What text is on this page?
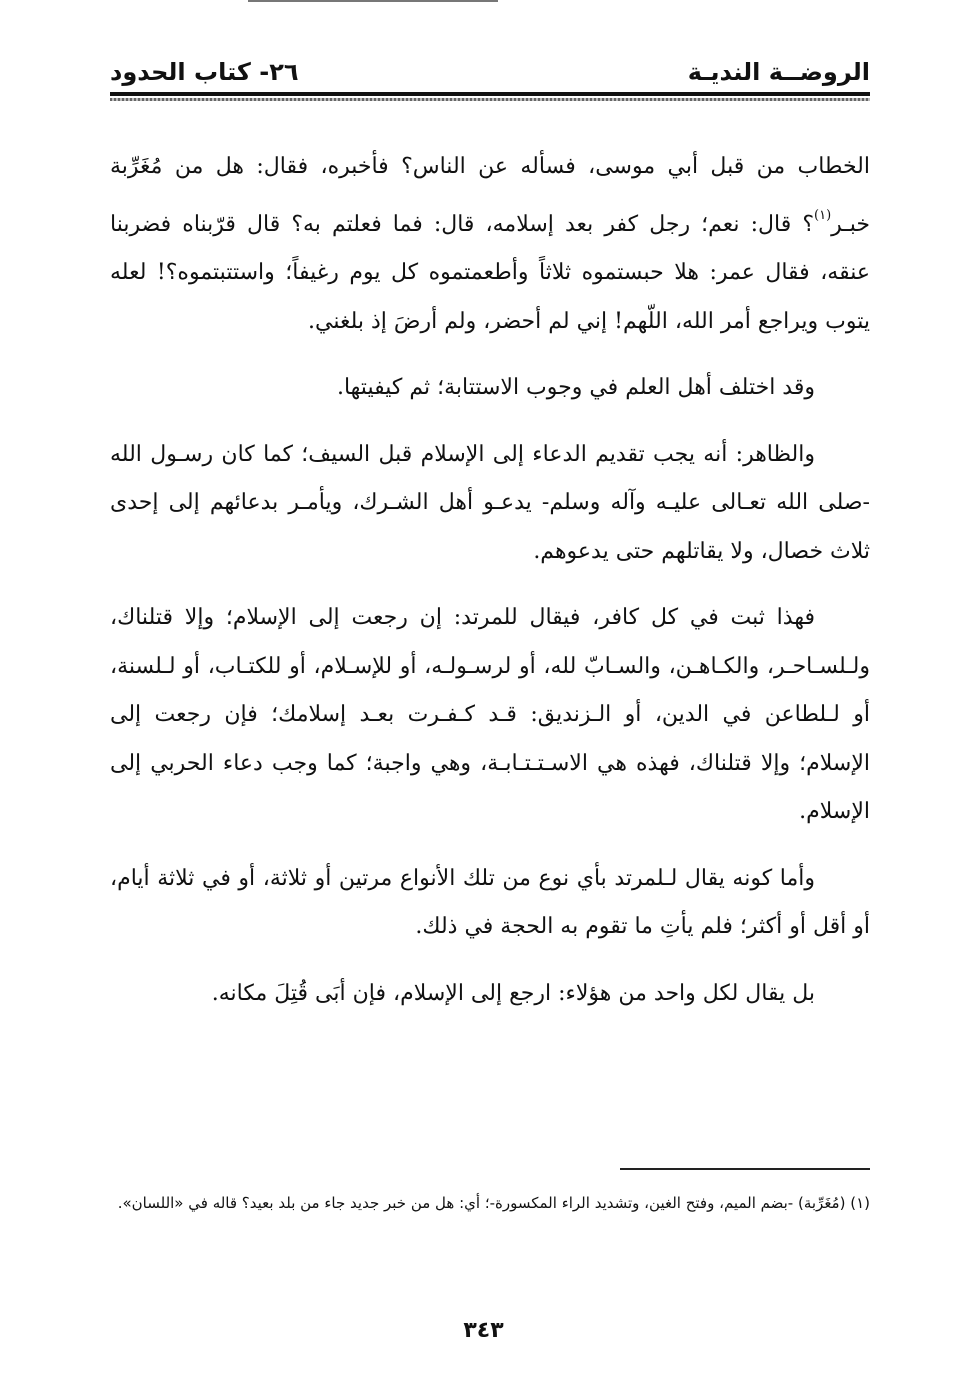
الروضــة النديـة
٢٦- كتاب الحدود

الخطاب من قبل أبي موسى، فسأله عن الناس؟ فأخبره، فقال: هل من مُغَرِّبة خبـر$^{(١)}$؟ قال: نعم؛ رجل كفر بعد إسلامه، قال: فما فعلتم به؟ قال قرّبناه فضربنا عنقه، فقال عمر: هلا حبستموه ثلاثاً وأطعمتموه كل يوم رغيفاً؛ واستتبتموه؟! لعله يتوب ويراجع أمر الله، اللّهم! إني لم أحضر، ولم أرضَ إذ بلغني.

وقد اختلف أهل العلم في وجوب الاستتابة؛ ثم كيفيتها.

والظاهر: أنه يجب تقديم الدعاء إلى الإسلام قبل السيف؛ كما كان رسـول الله -صلى الله تعـالى عليـه وآله وسلم- يدعـو أهل الشـرك، ويأمـر بدعائهم إلى إحدى ثلاث خصال، ولا يقاتلهم حتى يدعوهم.

فهذا ثبت في كل كافر، فيقال للمرتد: إن رجعت إلى الإسلام؛ وإلا قتلناك، ولـلسـاحـر، والكـاهـن، والسـابّ لله، أو لرسـولـه، أو للإسـلام، أو للكتـاب، أو لـلسنة، أو لـلطاعن في الدين، أو الـزنديق: قـد كـفـرت بعـد إسلامك؛ فإن رجعت إلى الإسلام؛ وإلا قتلناك، فهذه هي الاسـتـتـابـة، وهي واجبة؛ كما وجب دعاء الحربي إلى الإسلام.

وأما كونه يقال لـلمرتد بأي نوع من تلك الأنواع مرتين أو ثلاثة، أو في ثلاثة أيام، أو أقل أو أكثر؛ فلم يأتِ ما تقوم به الحجة في ذلك.

بل يقال لكل واحد من هؤلاء: ارجع إلى الإسلام، فإن أبَى قُتِلَ مكانه.

(١) (مُغَرِّبة) -بضم الميم، وفتح الغين، وتشديد الراء المكسورة-؛ أي: هل من خبر جديد جاء من بلد بعيد؟ قاله في «اللسان».
٣٤٣
